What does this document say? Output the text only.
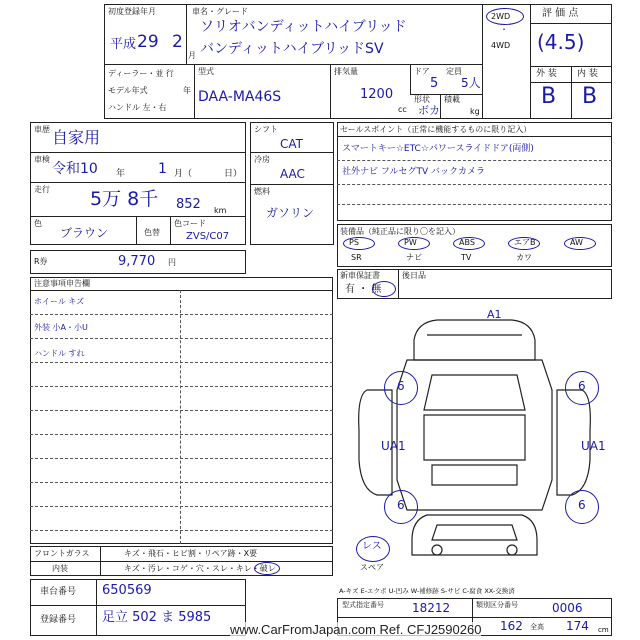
初度登録年月
平成 29 2
月
車名・グレード
ソリオバンディットハイブリッド
バンディットハイブリッドSV
2WD
・
4WD
評 価 点
(4.5)
ディーラー・並 行
モデル年式	年
ハンドル 左・右
型式
DAA-MA46S
排気量
1200
cc
ドア
5
定員
5人
形状
ボカ
積載
kg
外 装 内 装
B B
車歴 自家用
車検
令和10 年 1 月（	日）
走行 5万 8千 852 km
色
ブラウン	色替
色コード
ZVS/C07
シフト
CAT
冷房
AAC
燃料
ガソリン
セールスポイント（正常に機能するものに限り記入）
スマートキー☆ETC☆パワースライドドア(両側)
社外ナビ フルセグTV バックカメラ
装備品（純正品に限り〇を記入）
PS	PW	ABS	エアB	AW
SR	ナビ	TV	カワ
新車保証書
有 ・ 無
後日品
R券	9,770 円
注意事項申告欄
ホイール キズ
外装 小A・小U
ハンドル すれ
A1
6	6
UA1	UA1
6	6
レス
スペア
フロントガラス	キズ・飛石・ヒビ割・リペア跡・X要
内装	キズ・汚レ・コゲ・穴・スレ・キレ・破レ
車台番号 650569
登録番号 足立 502 ま 5985
A-キズ E-エクボ U-凹み W-補修跡 S-サビ C-腐食 XX-交換済
型式指定番号 18212	類別区分番号	0006
162 全高 174 cm
www.CarFromJapan.com Ref. CFJ2590260
